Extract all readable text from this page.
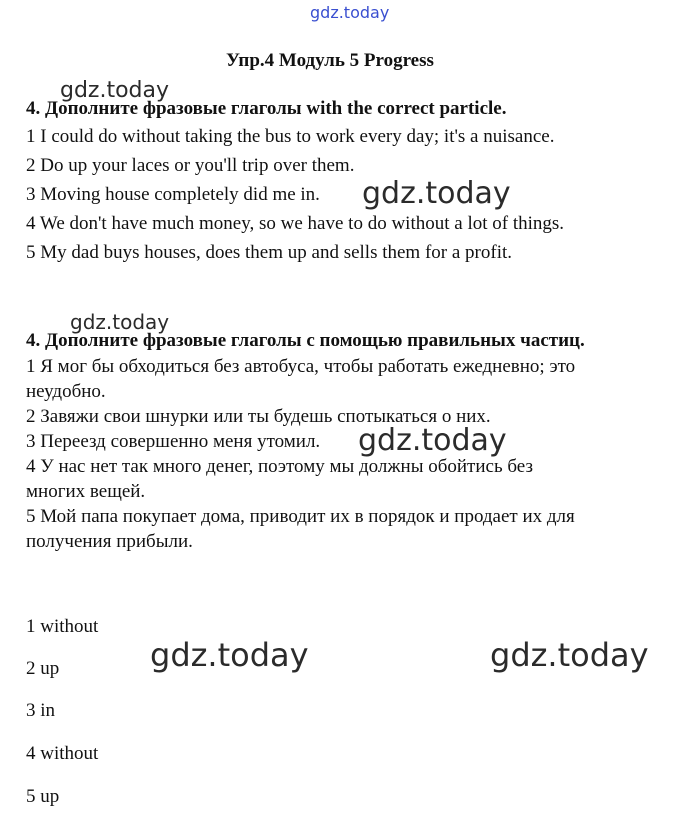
gdz.today
Упр.4 Модуль 5 Progress
gdz.today
4. Дополните фразовые глаголы with the correct particle.
1 I could do without taking the bus to work every day; it's a nuisance.
2 Do up your laces or you'll trip over them.
3 Moving house completely did me in. gdz.today
4 We don't have much money, so we have to do without a lot of things.
5 My dad buys houses, does them up and sells them for a profit.
gdz.today
4. Дополните фразовые глаголы с помощью правильных частиц.
1 Я мог бы обходиться без автобуса, чтобы работать ежедневно; это
неудобно.
2 Завяжи свои шнурки или ты будешь спотыкаться о них.
3 Переезд совершенно меня утомил. gdz.today
4 У нас нет так много денег, поэтому мы должны обойтись без
многих вещей.
5 Мой папа покупает дома, приводит их в порядок и продает их для
получения прибыли.
1 without
gdz.today	gdz.today
2 up
3 in
4 without
5 up
